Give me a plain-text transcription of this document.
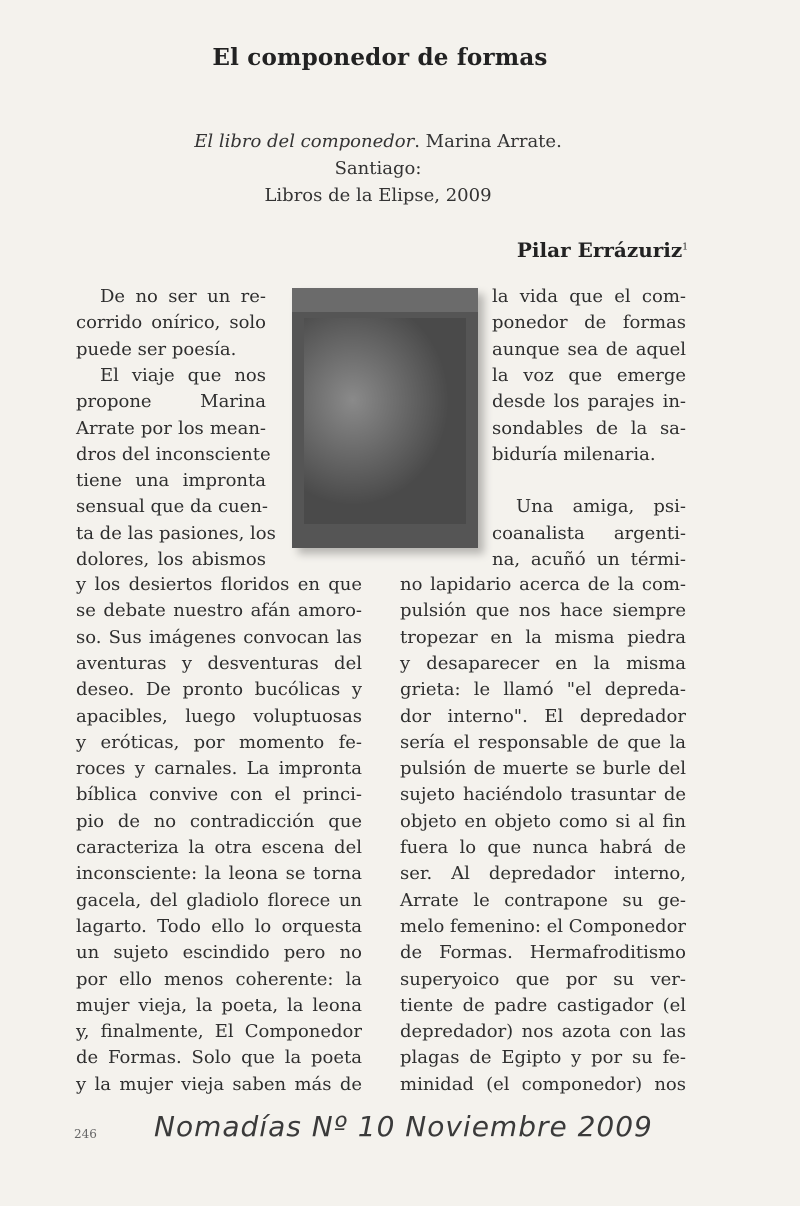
El componedor de formas
El libro del componedor. Marina Arrate. Santiago:
Libros de la Elipse, 2009
Pilar Errázuriz$^1$
De no ser un re-
corrido onírico, solo
puede ser poesía.
El viaje que nos
propone Marina
Arrate por los mean-
dros del inconsciente
tiene una impronta
sensual que da cuen-
ta de las pasiones, los
dolores, los abismos
y los desiertos floridos en que
se debate nuestro afán amoro-
so. Sus imágenes convocan las
aventuras y desventuras del
deseo. De pronto bucólicas y
apacibles, luego voluptuosas
y eróticas, por momento fe-
roces y carnales. La impronta
bíblica convive con el princi-
pio de no contradicción que
caracteriza la otra escena del
inconsciente: la leona se torna
gacela, del gladiolo florece un
lagarto. Todo ello lo orquesta
un sujeto escindido pero no
por ello menos coherente: la
mujer vieja, la poeta, la leona
y, finalmente, El Componedor
de Formas. Solo que la poeta
y la mujer vieja saben más de
la vida que el com-
ponedor de formas
aunque sea de aquel
la voz que emerge
desde los parajes in-
sondables de la sa-
biduría milenaria.
Una amiga, psi-
coanalista argenti-
na, acuñó un térmi-
no lapidario acerca de la com-
pulsión que nos hace siempre
tropezar en la misma piedra
y desaparecer en la misma
grieta: le llamó "el depreda-
dor interno". El depredador
sería el responsable de que la
pulsión de muerte se burle del
sujeto haciéndolo trasuntar de
objeto en objeto como si al fin
fuera lo que nunca habrá de
ser. Al depredador interno,
Arrate le contrapone su ge-
melo femenino: el Componedor
de Formas. Hermafroditismo
superyoico que por su ver-
tiente de padre castigador (el
depredador) nos azota con las
plagas de Egipto y por su fe-
minidad (el componedor) nos
246 Nomadías Nº 10 Noviembre 2009
